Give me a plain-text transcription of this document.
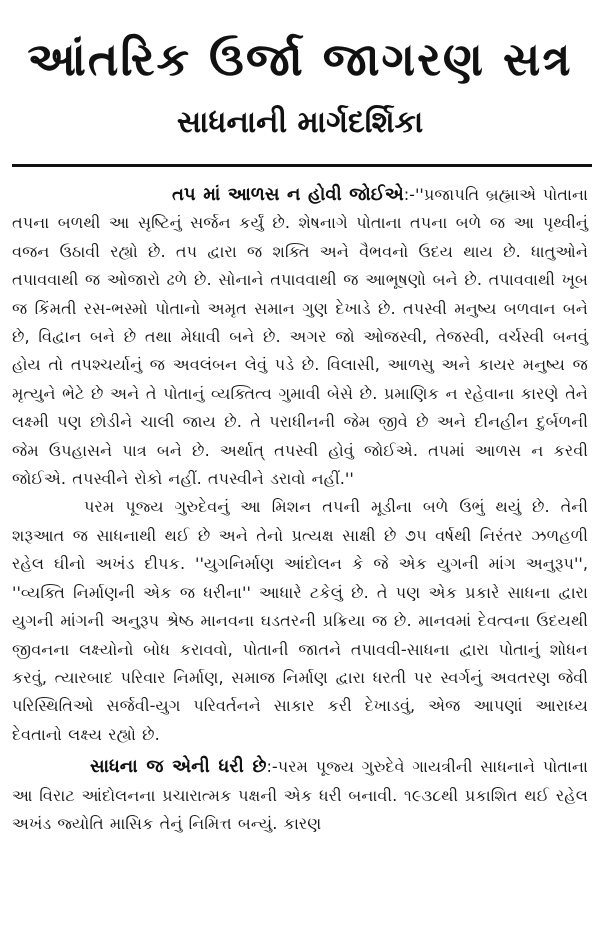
આંતરિક ઉર્જા જાગરણ સત્ર
સાધનાની માર્ગદર્શિકા

તપ માં આળસ ન હોવી જોઈએ:-''પ્રજાપતિ બ્રહ્માએ પોતાના તપના બળથી આ સૃષ્ટિનું સર્જન કર્યું છે. શેષનાગે પોતાના તપના બળે જ આ પૃથ્વીનું વજન ઉઠાવી રહ્યો છે. તપ દ્વારા જ શક્તિ અને વૈભવનો ઉદય થાય છે. ધાતુઓને તપાવવાથી જ ઓજારો ઢળે છે. સોનાને તપાવવાથી જ આભૂષણો બને છે. તપાવવાથી ખૂબ જ કિંમતી રસ-ભસ્મો પોતાનો અમૃત સમાન ગુણ દેખાડે છે. તપસ્વી મનુષ્ય બળવાન બને છે, વિદ્વાન બને છે તથા મેધાવી બને છે. અગર જો ઓજસ્વી, તેજસ્વી, વર્ચસ્વી બનવું હોય તો તપશ્ચર્યાનું જ અવલંબન લેવું પડે છે. વિલાસી, આળસુ અને કાયર મનુષ્ય જ મૃત્યુને ભેટે છે અને તે પોતાનું વ્યક્તિત્વ ગુમાવી બેસે છે. પ્રમાણિક ન રહેવાના કારણે તેને લક્ષ્મી પણ છોડીને ચાલી જાય છે. તે પરાધીનની જેમ જીવે છે અને દીનહીન દુર્બળની જેમ ઉપહાસને પાત્ર બને છે. અર્થાત્ તપસ્વી હોવું જોઈએ. તપમાં આળસ ન કરવી જોઈએ. તપસ્વીને રોકો નહીં. તપસ્વીને ડરાવો નહીં.''

પરમ પૂજ્ય ગુરુદેવનું આ મિશન તપની મૂડીના બળે ઉભું થયું છે. તેની શરૂઆત જ સાધનાથી થઈ છે અને તેનો પ્રત્યક્ષ સાક્ષી છે ૭૫ વર્ષથી નિરંતર ઝળહળી રહેલ ઘીનો અખંડ દીપક. ''યુગનિર્માણ આંદોલન કે જે એક યુગની માંગ અનુરૂપ'', ''વ્યક્તિ નિર્માણની એક જ ધરીના'' આધારે ટકેલું છે. તે પણ એક પ્રકારે સાધના દ્વારા યુગની માંગની અનુરૂપ શ્રેષ્ઠ માનવના ઘડતરની પ્રક્રિયા જ છે. માનવમાં દેવત્વના ઉદયથી જીવનના લક્ષ્યોનો બોધ કરાવવો, પોતાની જાતને તપાવવી-સાધના દ્વારા પોતાનું શોધન કરવું, ત્યારબાદ પરિવાર નિર્માણ, સમાજ નિર્માણ દ્વારા ધરતી પર સ્વર્ગનું અવતરણ જેવી પરિસ્થિતિઓ સર્જવી-યુગ પરિવર્તનને સાકાર કરી દેખાડવું, એજ આપણાં આરાધ્ય દેવતાનો લક્ષ્ય રહ્યો છે.

સાધના જ એની ધરી છે:-પરમ પૂજ્ય ગુરુદેવે ગાયત્રીની સાધનાને પોતાના આ વિરાટ આંદોલનના પ્રચારાત્મક પક્ષની એક ધરી બનાવી. ૧૯૩૮થી પ્રકાશિત થઈ રહેલ અખંડ જ્યોતિ માસિક તેનું નિમિત્ત બન્યું. કારણ
